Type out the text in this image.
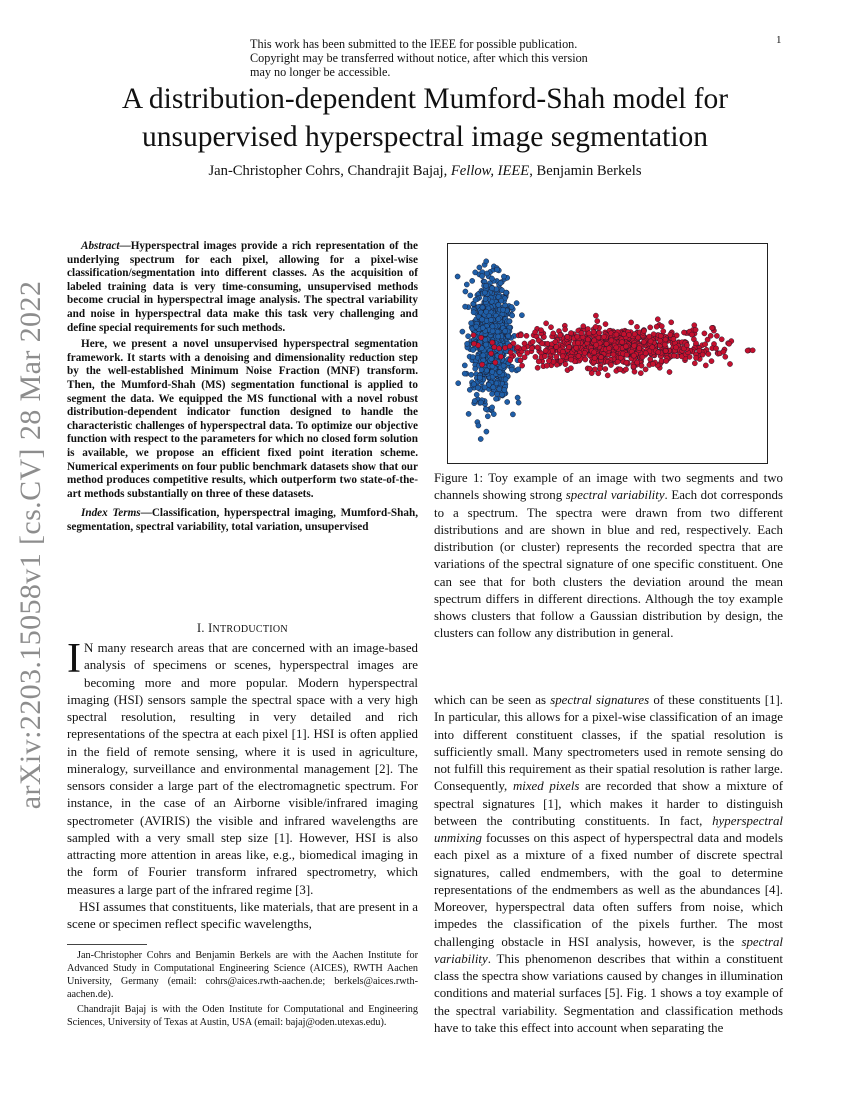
This work has been submitted to the IEEE for possible publication.
Copyright may be transferred without notice, after which this version
may no longer be accessible.
1
A distribution-dependent Mumford-Shah model for
unsupervised hyperspectral image segmentation
Jan-Christopher Cohrs, Chandrajit Bajaj, Fellow, IEEE, Benjamin Berkels
arXiv:2203.15058v1 [cs.CV] 28 Mar 2022

Abstract—Hyperspectral images provide a rich representation of the underlying spectrum for each pixel, allowing for a pixel-wise classification/segmentation into different classes. As the acquisition of labeled training data is very time-consuming, unsupervised methods become crucial in hyperspectral image analysis. The spectral variability and noise in hyperspectral data make this task very challenging and define special requirements for such methods.

Here, we present a novel unsupervised hyperspectral segmentation framework. It starts with a denoising and dimensionality reduction step by the well-established Minimum Noise Fraction (MNF) transform. Then, the Mumford-Shah (MS) segmentation functional is applied to segment the data. We equipped the MS functional with a novel robust distribution-dependent indicator function designed to handle the characteristic challenges of hyperspectral data. To optimize our objective function with respect to the parameters for which no closed form solution is available, we propose an efficient fixed point iteration scheme. Numerical experiments on four public benchmark datasets show that our method produces competitive results, which outperform two state-of-the-art methods substantially on three of these datasets.

Index Terms—Classification, hyperspectral imaging, Mumford-Shah, segmentation, spectral variability, total variation, unsupervised

I. INTRODUCTION

I N many research areas that are concerned with an image-based analysis of specimens or scenes, hyperspectral images are becoming more and more popular. Modern hyperspectral imaging (HSI) sensors sample the spectral space with a very high spectral resolution, resulting in very detailed and rich representations of the spectra at each pixel [1]. HSI is often applied in the field of remote sensing, where it is used in agriculture, mineralogy, surveillance and environmental management [2]. The sensors consider a large part of the electromagnetic spectrum. For instance, in the case of an Airborne visible/infrared imaging spectrometer (AVIRIS) the visible and infrared wavelengths are sampled with a very small step size [1]. However, HSI is also attracting more attention in areas like, e.g., biomedical imaging in the form of Fourier transform infrared spectrometry, which measures a large part of the infrared regime [3].

HSI assumes that constituents, like materials, that are present in a scene or specimen reflect specific wavelengths,

Jan-Christopher Cohrs and Benjamin Berkels are with the Aachen Institute for Advanced Study in Computational Engineering Science (AICES), RWTH Aachen University, Germany (email: cohrs@aices.rwth-aachen.de; berkels@aices.rwth-aachen.de).

Chandrajit Bajaj is with the Oden Institute for Computational and Engineering Sciences, University of Texas at Austin, USA (email: bajaj@oden.utexas.edu).

Figure 1: Toy example of an image with two segments and two channels showing strong spectral variability. Each dot corresponds to a spectrum. The spectra were drawn from two different distributions and are shown in blue and red, respectively. Each distribution (or cluster) represents the recorded spectra that are variations of the spectral signature of one specific constituent. One can see that for both clusters the deviation around the mean spectrum differs in different directions. Although the toy example shows clusters that follow a Gaussian distribution by design, the clusters can follow any distribution in general.
which can be seen as spectral signatures of these constituents [1]. In particular, this allows for a pixel-wise classification of an image into different constituent classes, if the spatial resolution is sufficiently small. Many spectrometers used in remote sensing do not fulfill this requirement as their spatial resolution is rather large. Consequently, mixed pixels are recorded that show a mixture of spectral signatures [1], which makes it harder to distinguish between the contributing constituents. In fact, hyperspectral unmixing focusses on this aspect of hyperspectral data and models each pixel as a mixture of a fixed number of discrete spectral signatures, called endmembers, with the goal to determine representations of the endmembers as well as the abundances [4]. Moreover, hyperspectral data often suffers from noise, which impedes the classification of the pixels further. The most challenging obstacle in HSI analysis, however, is the spectral variability. This phenomenon describes that within a constituent class the spectra show variations caused by changes in illumination conditions and material surfaces [5]. Fig. 1 shows a toy example of the spectral variability. Segmentation and classification methods have to take this effect into account when separating the
